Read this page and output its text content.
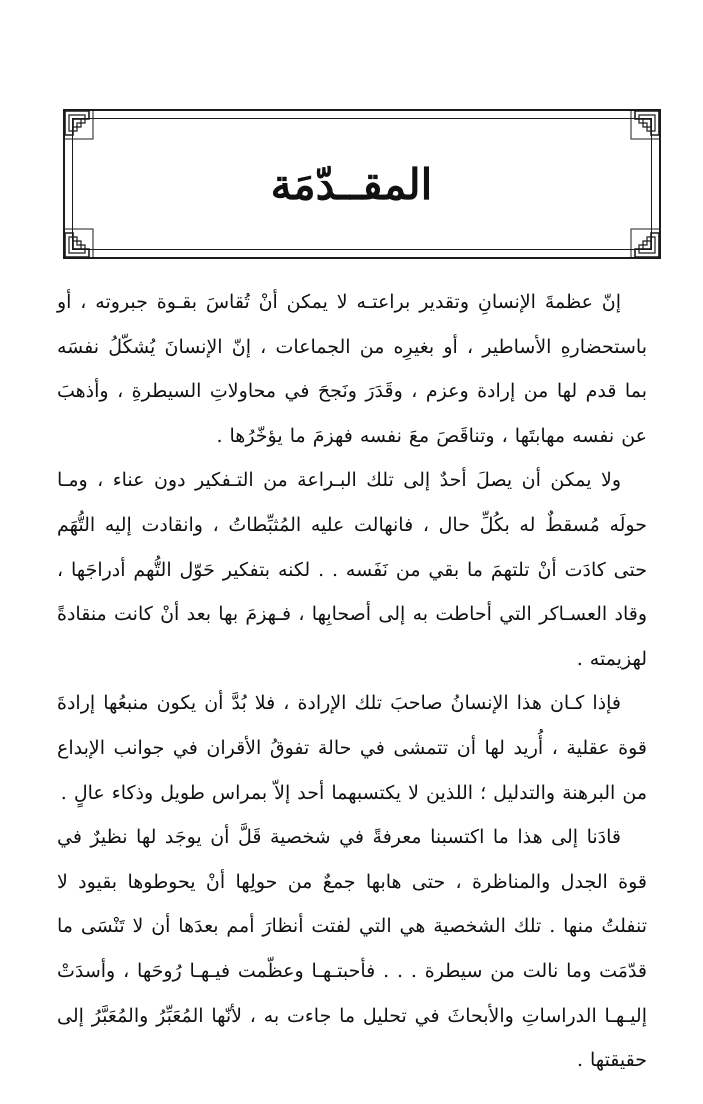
المقــدّمَة

إنّ عظمةَ الإنسانِ وتقدير براعتـه لا يمكن أنْ تُقاسَ بقـوة جبروته ، أو باستحضارهِ الأساطير ، أو بغيرِه من الجماعات ، إنّ الإنسانَ يُشكّلُ نفسَه بما قدم لها من إرادة وعزم ، وقَدَرَ ونَجحَ في محاولاتِ السيطرةِ ، وأذهبَ عن نفسه مهابتَها ، وتناقَصَ معَ نفسه فهزمَ ما يؤخّرُها .

ولا يمكن أن يصلَ أحدٌ إلى تلك البـراعة من التـفكير دون عناء ، ومـا حولَه مُسقطٌ له بكُلِّ حال ، فانهالت عليه المُثبِّطاتُ ، وانقادت إليه التُّهَم حتى كادَت أنْ تلتهمَ ما بقي من نَفَسه . . لكنه بتفكير حَوّل التُّهم أدراجَها ، وقاد العسـاكر التي أحاطت به إلى أصحابِها ، فـهزمَ بها بعد أنْ كانت منقادةً لهزيمته .

فإذا كـان هذا الإنسانُ صاحبَ تلك الإرادة ، فلا بُدَّ أن يكون منبعُها إرادةَ قوة عقلية ، أُريد لها أن تتمشى في حالة تفوقُ الأقران في جوانب الإبداع من البرهنة والتدليل ؛ اللذين لا يكتسبهما أحد إلاّ بمراس طويل وذكاء عالٍ .

قادَنا إلى هذا ما اكتسبنا معرفةً في شخصية قَلَّ أن يوجَد لها نظيرٌ في قوة الجدل والمناظرة ، حتى هابها جمعٌ من حولِها أنْ يحوطوها بقيود لا تنفلتُ منها . تلك الشخصية هي التي لفتت أنظارَ أمم بعدَها أن لا تَنْسَى ما قدّمَت وما نالت من سيطرة . . . فأحبتـهـا وعظّمت فيـهـا رُوحَها ، وأسدَتْ إليـهـا الدراساتِ والأبحاثَ في تحليل ما جاءت به ، لأنّها المُعَبِّرُ والمُعَبَّرُ إلى حقيقتها .
